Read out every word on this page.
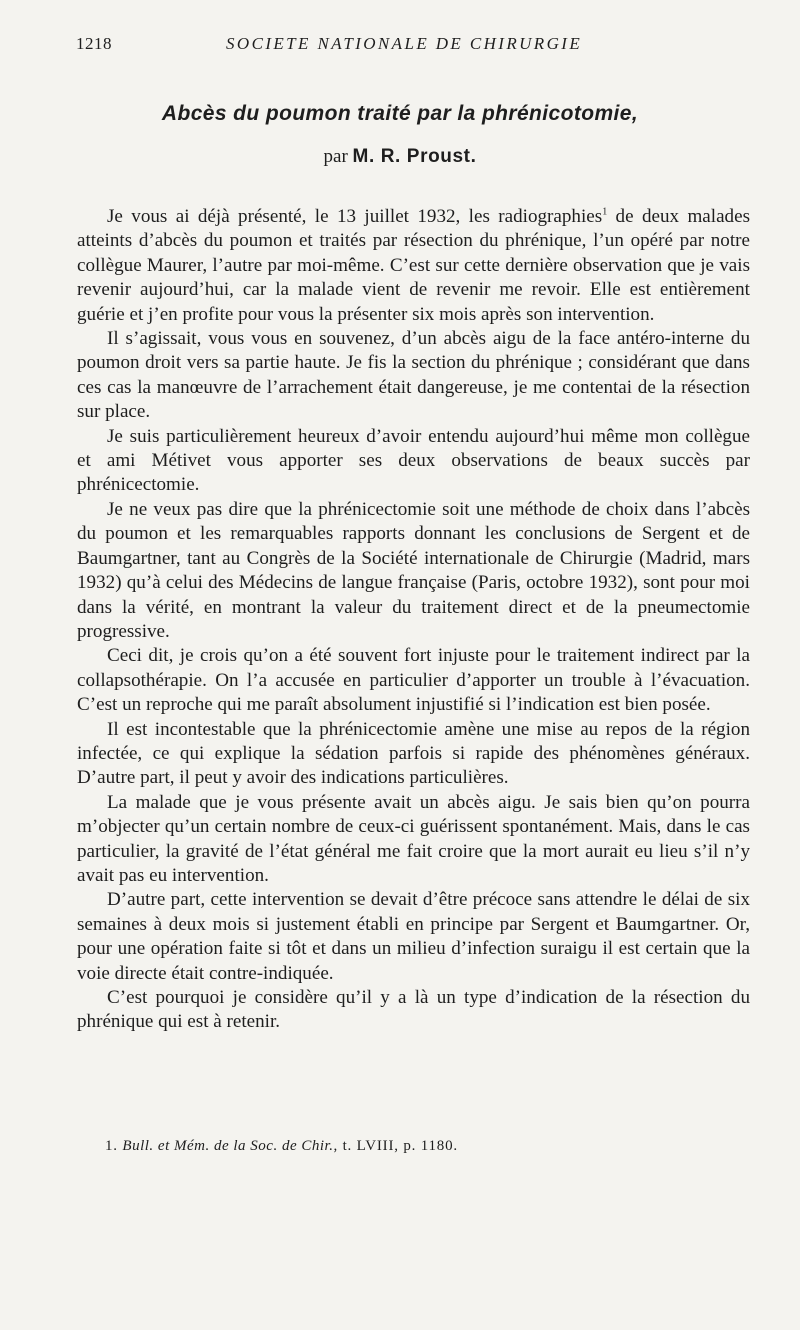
1218	SOCIETE NATIONALE DE CHIRURGIE
Abcès du poumon traité par la phrénicotomie,
par M. R. Proust.

Je vous ai déjà présenté, le 13 juillet 1932, les radiographies$^1$ de deux malades atteints d’abcès du poumon et traités par résection du phrénique, l’un opéré par notre collègue Maurer, l’autre par moi-même. C’est sur cette dernière observation que je vais revenir aujourd’hui, car la malade vient de revenir me revoir. Elle est entièrement guérie et j’en profite pour vous la présenter six mois après son intervention.

Il s’agissait, vous vous en souvenez, d’un abcès aigu de la face antéro-interne du poumon droit vers sa partie haute. Je fis la section du phrénique ; considérant que dans ces cas la manœuvre de l’arrachement était dangereuse, je me contentai de la résection sur place.

Je suis particulièrement heureux d’avoir entendu aujourd’hui même mon collègue et ami Métivet vous apporter ses deux observations de beaux succès par phrénicectomie.

Je ne veux pas dire que la phrénicectomie soit une méthode de choix dans l’abcès du poumon et les remarquables rapports donnant les conclusions de Sergent et de Baumgartner, tant au Congrès de la Société internationale de Chirurgie (Madrid, mars 1932) qu’à celui des Médecins de langue française (Paris, octobre 1932), sont pour moi dans la vérité, en montrant la valeur du traitement direct et de la pneumectomie progressive.

Ceci dit, je crois qu’on a été souvent fort injuste pour le traitement indirect par la collapsothérapie. On l’a accusée en particulier d’apporter un trouble à l’évacuation. C’est un reproche qui me paraît absolument injustifié si l’indication est bien posée.

Il est incontestable que la phrénicectomie amène une mise au repos de la région infectée, ce qui explique la sédation parfois si rapide des phénomènes généraux. D’autre part, il peut y avoir des indications particulières.

La malade que je vous présente avait un abcès aigu. Je sais bien qu’on pourra m’objecter qu’un certain nombre de ceux-ci guérissent spontanément. Mais, dans le cas particulier, la gravité de l’état général me fait croire que la mort aurait eu lieu s’il n’y avait pas eu intervention.

D’autre part, cette intervention se devait d’être précoce sans attendre le délai de six semaines à deux mois si justement établi en principe par Sergent et Baumgartner. Or, pour une opération faite si tôt et dans un milieu d’infection suraigu il est certain que la voie directe était contre-indiquée.

C’est pourquoi je considère qu’il y a là un type d’indication de la résection du phrénique qui est à retenir.

1. Bull. et Mém. de la Soc. de Chir., t. LVIII, p. 1180.
